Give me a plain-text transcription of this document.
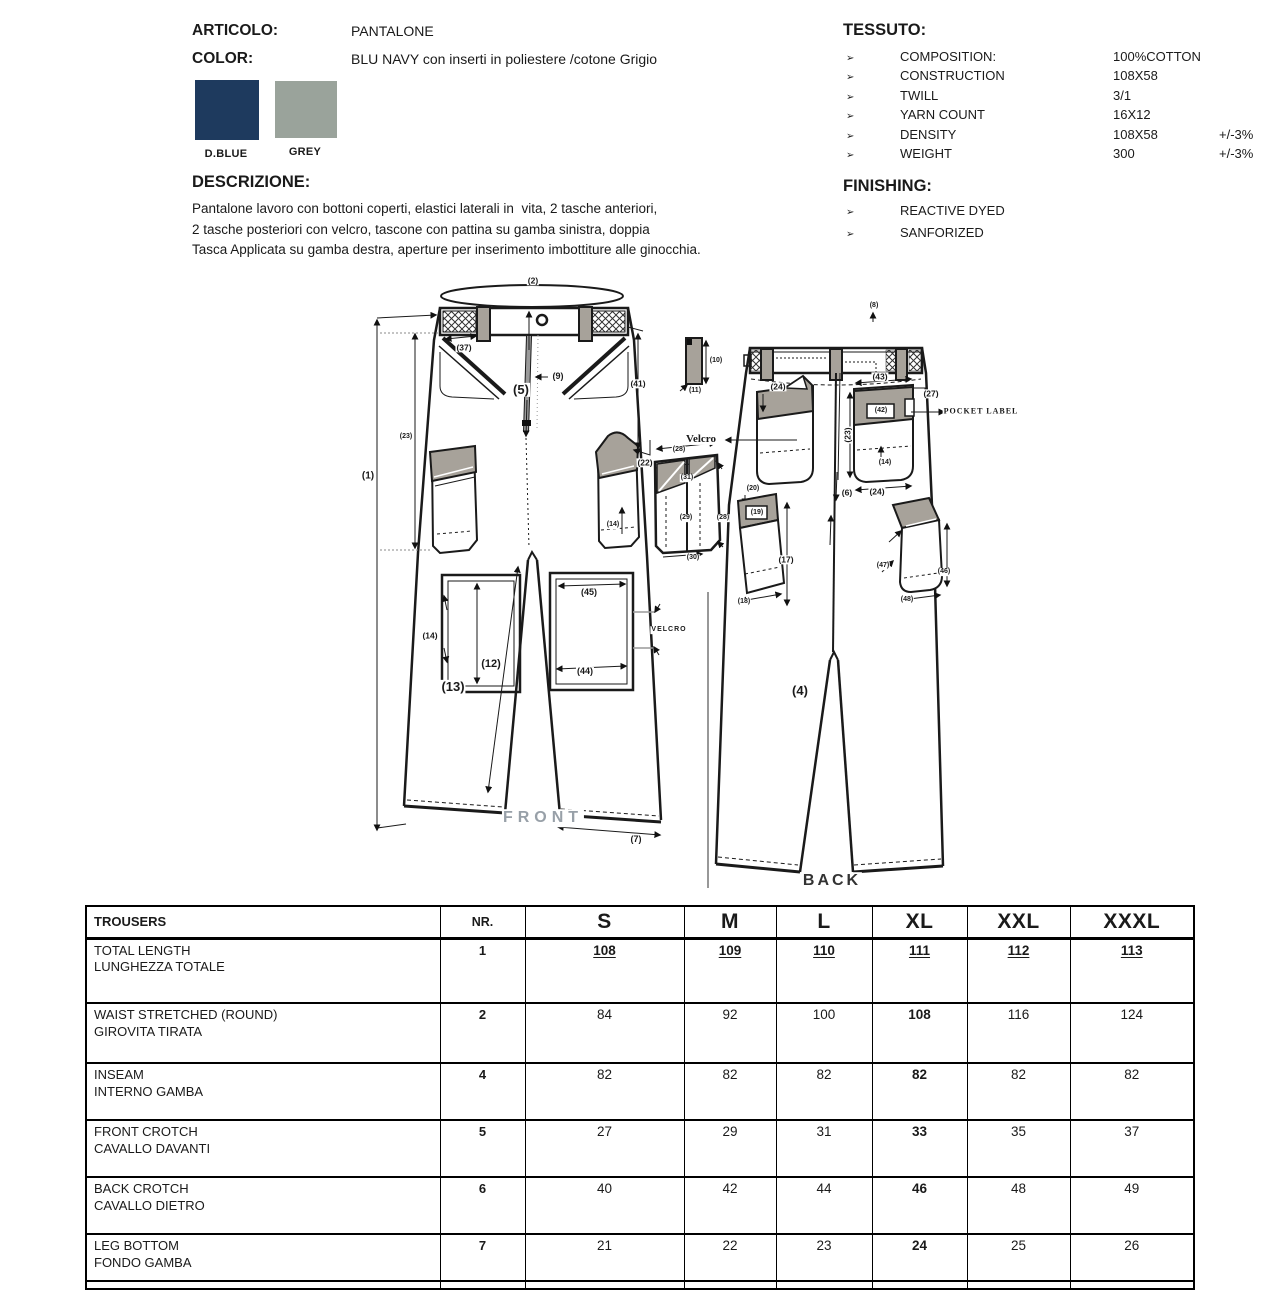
ARTICOLO:	PANTALONE
COLOR:	BLU NAVY con inserti in poliestere /cotone Grigio
D.BLUE	GREY
DESCRIZIONE:
Pantalone lavoro con bottoni coperti, elastici laterali in  vita, 2 tasche anteriori,
2 tasche posteriori con velcro, tascone con pattina su gamba sinistra, doppia
Tasca Applicata su gamba destra, aperture per inserimento imbottiture alle ginocchia.
TESSUTO:
➢	COMPOSITION:	100%COTTON
➢	CONSTRUCTION	108X58
➢	TWILL	3/1
➢	YARN COUNT	16X12
➢	DENSITY	108X58	+/-3%
➢	WEIGHT	300	+/-3%
FINISHING:
➢	REACTIVE DYED
➢	SANFORIZED
(2)
(37)
(5)
(9)
(41)
(22)
(1)
(23)
(13)
(14)
(12)
(45)
(44)
VELCRO
FRONT
(7)
(14)
(8)
(10)
(11)
Velcro
(24)
(43)
(42)
(27)
POCKET LABEL
(23)
(14)
(24)
(20)
(19)
(17)
(18)
(6)
(4)
(47)
(46)
(48)
BACK
(28)
(31)
(29)	(28)
(30)
TROUSERS	NR.	S	M	L	XL	XXL	XXXL

TOTAL LENGTH
LUNGHEZZA TOTALE	1	108	109	110	111	112	113

WAIST STRETCHED (ROUND)
GIROVITA TIRATA	2	84	92	100	108	116	124

INSEAM
INTERNO GAMBA	4	82	82	82	82	82	82

FRONT CROTCH
CAVALLO DAVANTI	5	27	29	31	33	35	37

BACK CROTCH
CAVALLO DIETRO	6	40	42	44	46	48	49

LEG BOTTOM
FONDO GAMBA	7	21	22	23	24	25	26
